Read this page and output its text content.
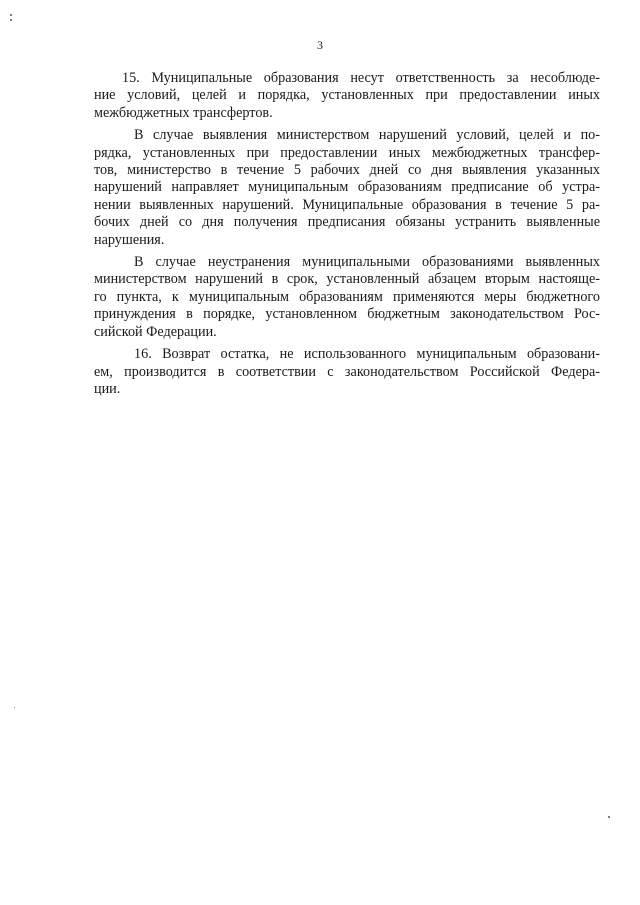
3
15. Муниципальные образования несут ответственность за несоблюде-
ние условий, целей и порядка, установленных при предоставлении иных
межбюджетных трансфертов.
В случае выявления министерством нарушений условий, целей и по-
рядка, установленных при предоставлении иных межбюджетных трансфер-
тов, министерство в течение 5 рабочих дней со дня выявления указанных
нарушений направляет муниципальным образованиям предписание об устра-
нении выявленных нарушений. Муниципальные образования в течение 5 ра-
бочих дней со дня получения предписания обязаны устранить выявленные
нарушения.
В случае неустранения муниципальными образованиями выявленных
министерством нарушений в срок, установленный абзацем вторым настояще-
го пункта, к муниципальным образованиям применяются меры бюджетного
принуждения в порядке, установленном бюджетным законодательством Рос-
сийской Федерации.
16. Возврат остатка, не использованного муниципальным образовани-
ем, производится в соответствии с законодательством Российской Федера-
ции.
